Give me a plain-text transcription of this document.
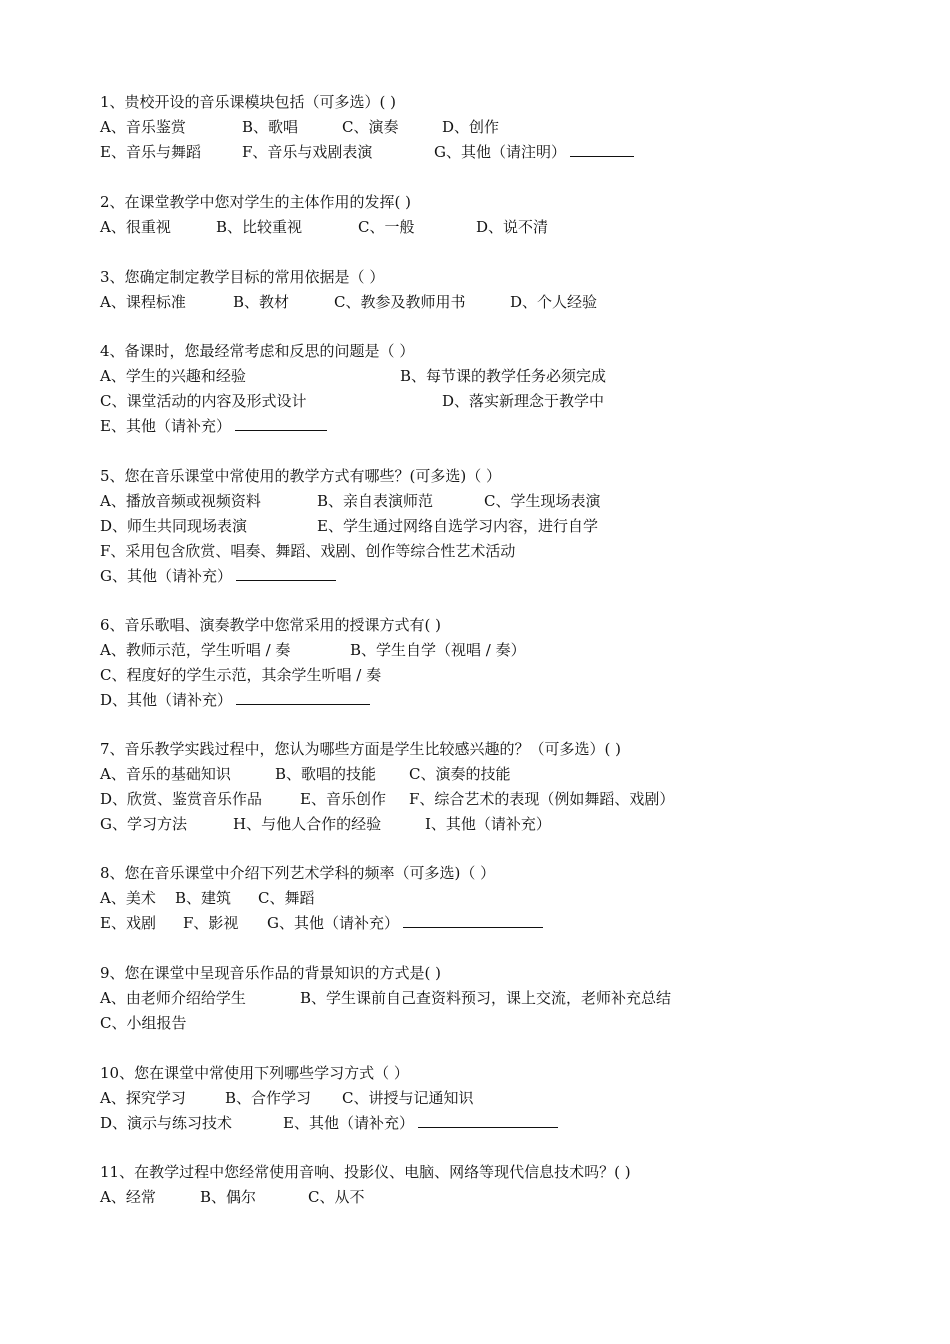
1、贵校开设的音乐课模块包括（可多选）( )
A、音乐鉴赏	B、歌唱	C、演奏	D、创作
E、音乐与舞蹈	F、音乐与戏剧表演	G、其他（请注明）
2、在课堂教学中您对学生的主体作用的发挥( )
A、很重视	B、比较重视	C、一般	D、说不清
3、您确定制定教学目标的常用依据是（ ）
A、课程标准	B、教材	C、教参及教师用书	D、个人经验
4、备课时，您最经常考虑和反思的问题是（ ）
A、学生的兴趣和经验	B、每节课的教学任务必须完成
C、课堂活动的内容及形式设计	D、落实新理念于教学中
E、其他（请补充）
5、您在音乐课堂中常使用的教学方式有哪些？(可多选)（ ）
A、播放音频或视频资料	B、亲自表演师范	C、学生现场表演
D、师生共同现场表演	E、学生通过网络自选学习内容，进行自学
F、采用包含欣赏、唱奏、舞蹈、戏剧、创作等综合性艺术活动
G、其他（请补充）
6、音乐歌唱、演奏教学中您常采用的授课方式有( )
A、教师示范，学生听唱 / 奏	B、学生自学（视唱 / 奏）
C、程度好的学生示范，其余学生听唱 / 奏
D、其他（请补充）
7、音乐教学实践过程中，您认为哪些方面是学生比较感兴趣的？（可多选）( )
A、音乐的基础知识	B、歌唱的技能 C、演奏的技能
D、欣赏、鉴赏音乐作品	E、音乐创作 F、综合艺术的表现（例如舞蹈、戏剧）
G、学习方法	H、与他人合作的经验	I、其他（请补充）
8、您在音乐课堂中介绍下列艺术学科的频率（可多选)（ ）
A、美术 B、建筑 C、舞蹈
E、戏剧 F、影视 G、其他（请补充）
9、您在课堂中呈现音乐作品的背景知识的方式是( )
A、由老师介绍给学生	B、学生课前自己查资料预习，课上交流，老师补充总结
C、小组报告
10、您在课堂中常使用下列哪些学习方式（ ）
A、探究学习	B、合作学习 C、讲授与记通知识
D、演示与练习技术	E、其他（请补充）
11、在教学过程中您经常使用音响、投影仪、电脑、网络等现代信息技术吗？( )
A、经常	B、偶尔	C、从不
